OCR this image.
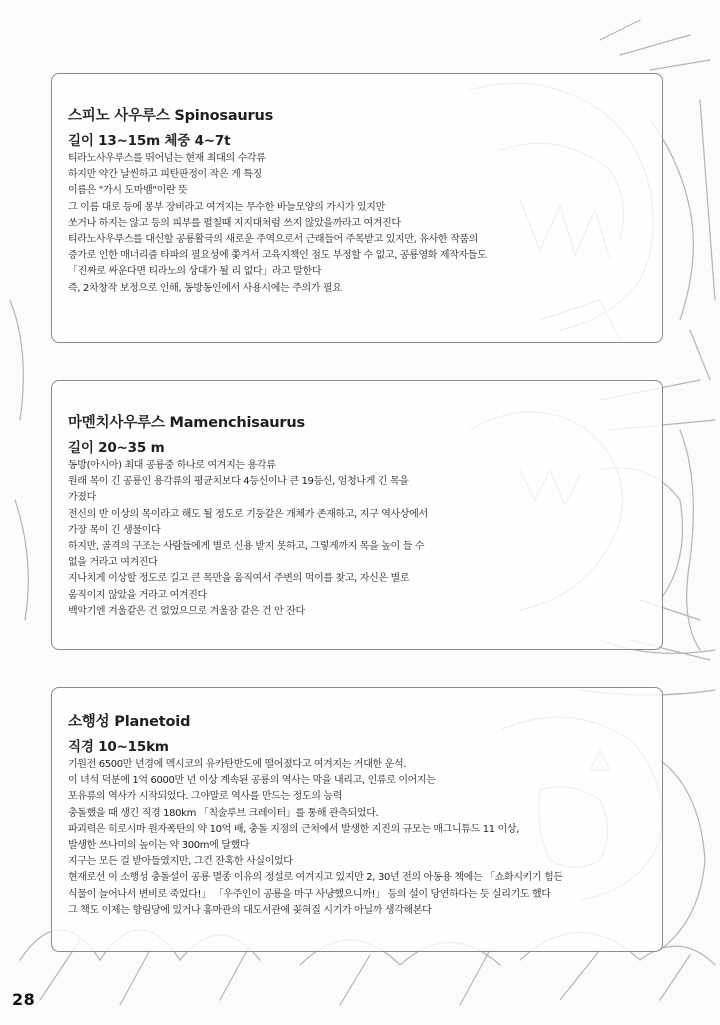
스피노 사우루스 Spinosaurus
길이 13~15m 체중 4~7t
티라노사우루스를 뛰어넘는 현재 최대의 수각류
하지만 약간 날씬하고 피탄판정이 작은 게 특징
이름은 "가시 도마뱀"이란 뜻
그 이름 대로 등에 몽부 장비라고 여겨지는 무수한 바늘모양의 가시가 있지만
쏘거나 하지는 않고 등의 피부를 펼칠때 지지대처럼 쓰지 않았을까라고 여겨진다
티라노사우루스를 대신할 공룡활극의 새로운 주역으로서 근래들어 주목받고 있지만, 유사한 작품의
증가로 인한 매너리즘 타파의 필요성에 쫓겨서 고육지책인 점도 부정할 수 없고, 공룡영화 제작자들도
「진짜로 싸운다면 티라노의 상대가 될 리 없다」라고 말한다
즉, 2차창작 보정으로 인해, 동방동인에서 사용시에는 주의가 필요
마멘치사우루스 Mamenchisaurus
길이 20~35 m
동방(아시아) 최대 공룡중 하나로 여겨지는 용각류
원래 목이 긴 공룡인 용각류의 평균치보다 4등신이나 큰 19등신, 엄청나게 긴 목을
가졌다
전신의 반 이상의 목이라고 해도 될 정도로 기둥같은 개체가 존재하고, 지구 역사상에서
가장 목이 긴 생물이다
하지만, 골격의 구조는 사람들에게 별로 신용 받지 못하고, 그렇게까지 목을 높이 들 수
없을 거라고 여겨진다
지나치게 이상할 정도로 길고 큰 목만을 움직여서 주변의 먹이를 찾고, 자신은 별로
움직이지 않았을 거라고 여겨진다
백악기엔 겨울같은 건 없었으므로 겨울잠 같은 건 안 잔다
소행성 Planetoid
직경 10~15km
기원전 6500만 년경에 멕시코의 유카탄반도에 떨어졌다고 여겨지는 거대한 운석.
이 녀석 덕분에 1억 6000만 년 이상 계속된 공룡의 역사는 막을 내리고, 인류로 이어지는
포유류의 역사가 시작되었다. 그야말로 역사를 만드는 정도의 능력
충돌했을 때 생긴 직경 180km 「칙술루브 크레이터」를 통해 관측되었다.
파괴력은 히로시마 원자폭탄의 약 10억 배, 충돌 지점의 근처에서 발생한 지진의 규모는 매그니튜드 11 이상,
발생한 쓰나미의 높이는 약 300m에 달했다
지구는 모든 걸 받아들였지만, 그건 잔혹한 사실이었다
현재로선 이 소행성 충돌설이 공룡 멸종 이유의 정설로 여겨지고 있지만 2, 30년 전의 아동용 책에는 「쇼화시키기 힘든
식물이 늘어나서 변비로 죽었다!」 「우주인이 공룡을 마구 사냥했으니까!」 등의 설이 당연하다는 듯 실리기도 했다
그 책도 이제는 향림당에 있거나 홍마관의 대도서관에 꽂혀질 시기가 아닐까 생각해본다
28
